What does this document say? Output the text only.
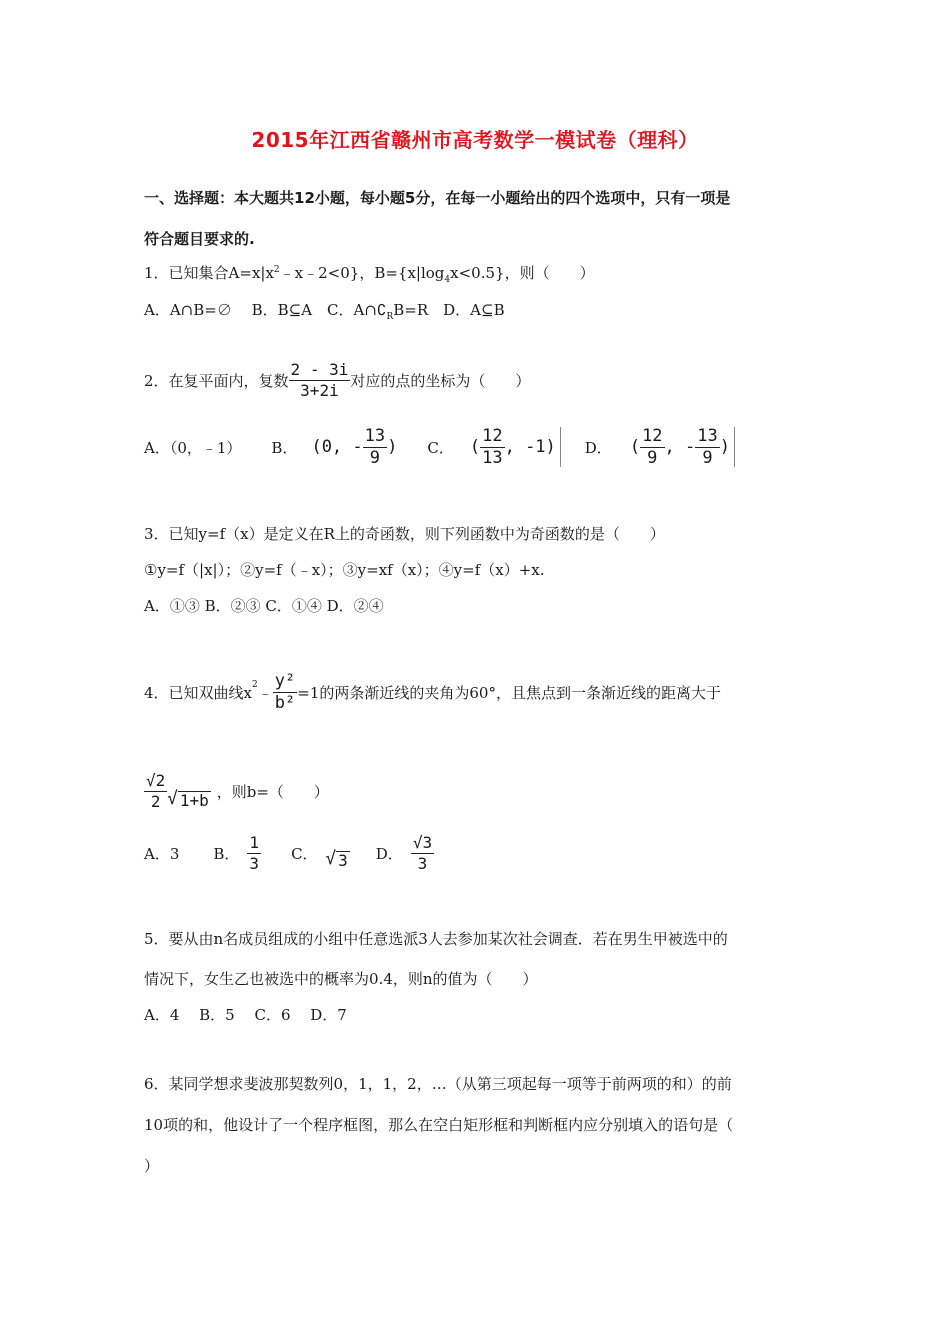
2015年江西省赣州市高考数学一模试卷（理科）
一、选择题：本大题共12小题，每小题5分，在每一小题给出的四个选项中，只有一项是
符合题目要求的.
1．已知集合$A=x|x^2﹣x﹣2<0$}，$B=\{x|\log_4x<0.5\}$，则（　　）
A．A∩B=∅　 B．B⊆A　C．$A\cap∁_RB=R$　D．A⊆B
2．在复平面内，复数 $\frac{2 - 3i}{3+2i}$ 对应的点的坐标为（　　）
A．（0，﹣1） B． (0, - $\frac{13}{9}$ ) C． ( $\frac{12}{13}$ , -1) D． ( $\frac{12}{9}$ , - $\frac{13}{9}$ )
3．已知y=f（x）是定义在R上的奇函数，则下列函数中为奇函数的是（　　）
①y=f（|x|）；②y=f（﹣x）；③y=xf（x）；④y=f（x）+x.
A．①③ B．②③ C．①④ D．②④
4．已知双曲线$x^2$ ﹣ $\frac{\text{y²}}{\text{b²}} =1$的两条渐近线的夹角为60°，且焦点到一条渐近线的距离大于
$\frac{√2}{2}$ √ 1+b ，则b=（　　）
A．3 B． $\frac{1}{3}$ C． √ 3 D． $\frac{√3}{3}$
5．要从由n名成员组成的小组中任意选派3人去参加某次社会调查．若在男生甲被选中的
情况下，女生乙也被选中的概率为0.4，则n的值为（　　）
A．4　 B．5　 C．6　 D．7
6．某同学想求斐波那契数列0，1，1，2，…（从第三项起每一项等于前两项的和）的前
10项的和，他设计了一个程序框图，那么在空白矩形框和判断框内应分别填入的语句是（
）
